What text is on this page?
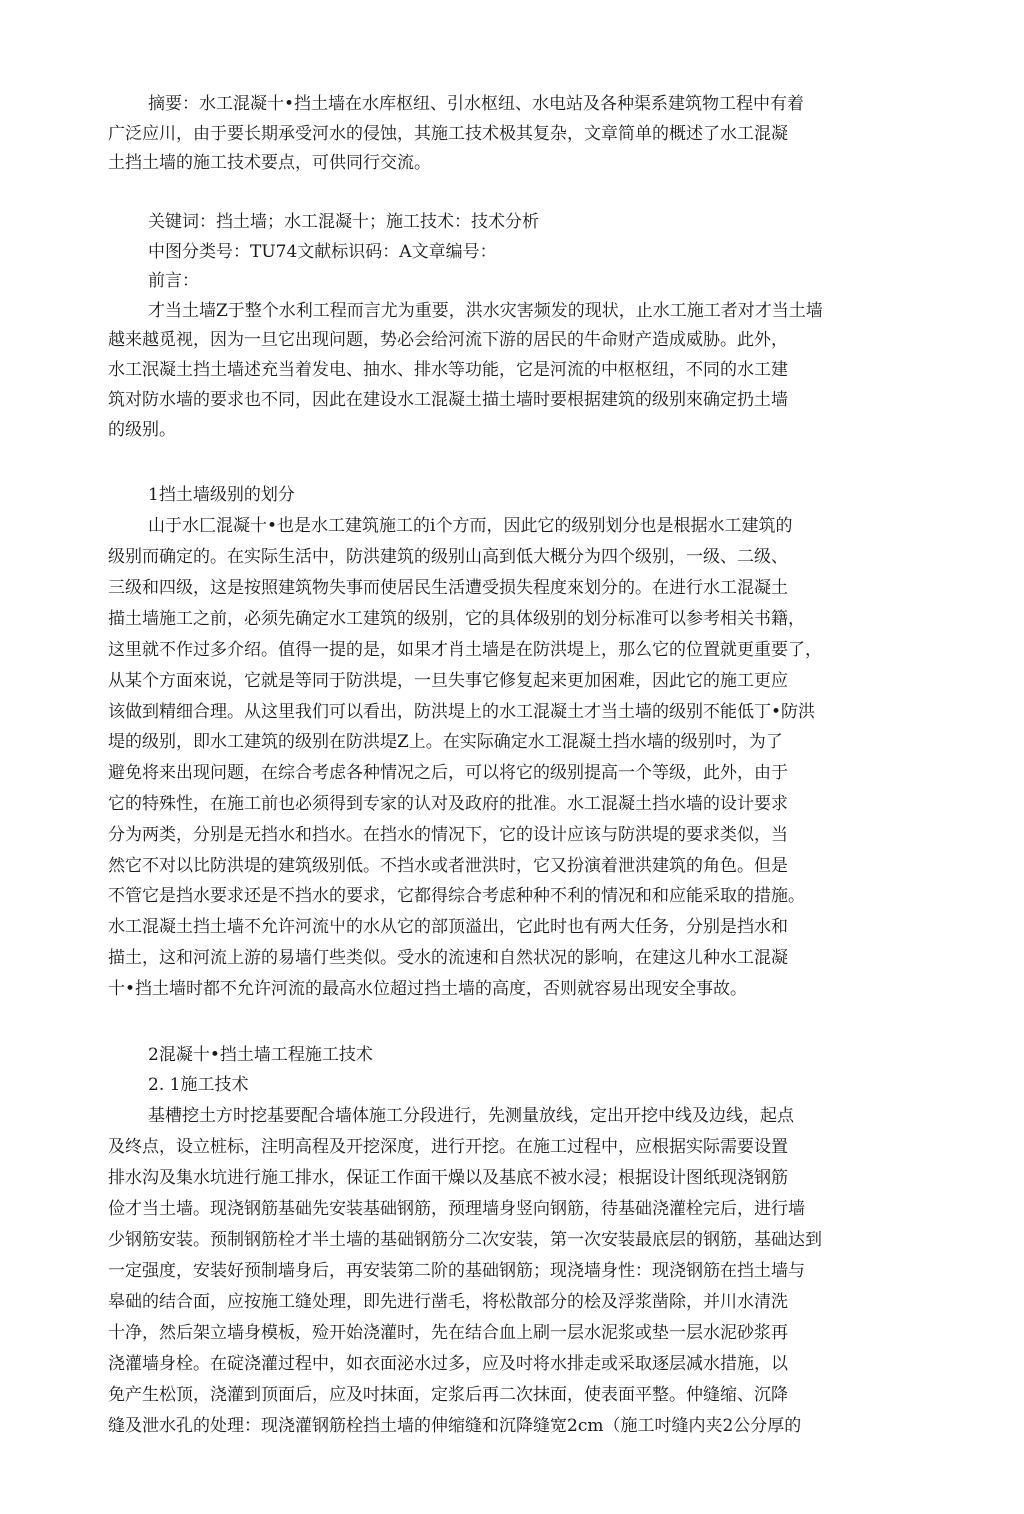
摘要：水工混凝十•挡土墙在水库枢纽、引水枢纽、水电站及各种渠系建筑物工程中有着
广泛应川，由于要长期承受河水的侵蚀，其施工技术极其复杂，文章简单的概述了水工混凝
土挡土墙的施工技术要点，可供同行交流。
关键词：挡土墙；水工混凝十；施工技术：技术分析
中图分类号：TU74文献标识码：A文章编号：
前言：
才当土墙Z于整个水利工程而言尤为重要，洪水灾害频发的现状，止水工施工者对才当土墙
越来越觅视，因为一旦它出现问题，势必会给河流下游的居民的牛命财产造成威胁。此外，
水工泯凝土挡土墙述充当着发电、抽水、排水等功能，它是河流的中枢枢纽，不同的水工建
筑对防水墙的要求也不同，因此在建设水工混凝土描土墙时要根据建筑的级别來确定扔土墙
的级别。
1挡土墙级别的划分
山于水匚混凝十•也是水工建筑施工的i个方而，因此它的级别划分也是根据水工建筑的
级别而确定的。在实际生活中，防洪建筑的级别山高到低大概分为四个级别，一级、二级、
三级和四级，这是按照建筑物失事而使居民生活遭受损失程度來划分的。在进行水工混凝土
描土墙施工之前，必须先确定水工建筑的级别，它的具体级别的划分标准可以参考相关书籍，
这里就不作过多介绍。值得一提的是，如果才肖土墙是在防洪堤上，那么它的位置就更重要了，
从某个方面來说，它就是等同于防洪堤，一旦失事它修复起来更加困难，因此它的施工更应
该做到精细合理。从这里我们可以看出，防洪堤上的水工混凝土才当土墙的级别不能低丁•防洪
堤的级别，即水工建筑的级别在防洪堤Z上。在实际确定水工混凝土挡水墙的级别吋，为了
避免将来出现问题，在综合考虑各种情况之后，可以将它的级别提高一个等级，此外，由于
它的特殊性，在施工前也必须得到专家的认对及政府的批准。水工混凝土挡水墙的设计要求
分为两类，分别是无挡水和挡水。在挡水的情况下，它的设计应该与防洪堤的要求类似，当
然它不对以比防洪堤的建筑级别低。不挡水或者泄洪时，它又扮演着泄洪建筑的角色。但是
不管它是挡水要求还是不挡水的要求，它都得综合考虑种种不利的情况和和应能采取的措施。
水工混凝土挡土墙不允许河流屮的水从它的部顶溢出，它此时也有两大任务，分别是挡水和
描土，这和河流上游的易墙仃些类似。受水的流速和自然状况的影响，在建这儿种水工混凝
十•挡土墙时都不允许河流的最高水位超过挡土墙的高度，否则就容易出现安全事故。
2混凝十•挡土墙工程施工技术
2. 1施工技术
基槽挖土方时挖基要配合墙体施工分段进行，先测量放线，定出开挖中线及边线，起点
及终点，设立桩标，注明高程及开挖深度，进行开挖。在施工过程中，应根据实际需要设置
排水沟及集水坑进行施工排水，保证工作面干燥以及基底不被水浸；根据设计图纸现浇钢筋
俭才当土墙。现浇钢筋基础先安装基础钢筋，预理墙身竖向钢筋，待基础浇灌栓完后，进行墙
少钢筋安装。预制钢筋栓才半土墙的基础钢筋分二次安装，第一次安装最底层的钢筋，基础达到
一定强度，安装好预制墙身后，再安装第二阶的基础钢筋；现浇墙身性：现浇钢筋在挡土墙与
皋础的结合面，应按施工缝处理，即先进行凿毛，将松散部分的桧及浮浆凿除，并川水清洗
十净，然后架立墙身模板，殓开始浇灌时，先在结合血上刷一层水泥浆或垫一层水泥砂浆再
浇灌墙身栓。在碇浇灌过程中，如衣面泌水过多，应及吋将水排走或采取逐层减水措施，以
免产生松顶，浇灌到顶面后，应及吋抹面，定浆后再二次抹面，使表面平整。仲缝缩、沉降
缝及泄水孔的处理：现浇灌钢筋栓挡土墙的伸缩缝和沉降缝宽2cm（施工吋缝内夹2公分厚的
